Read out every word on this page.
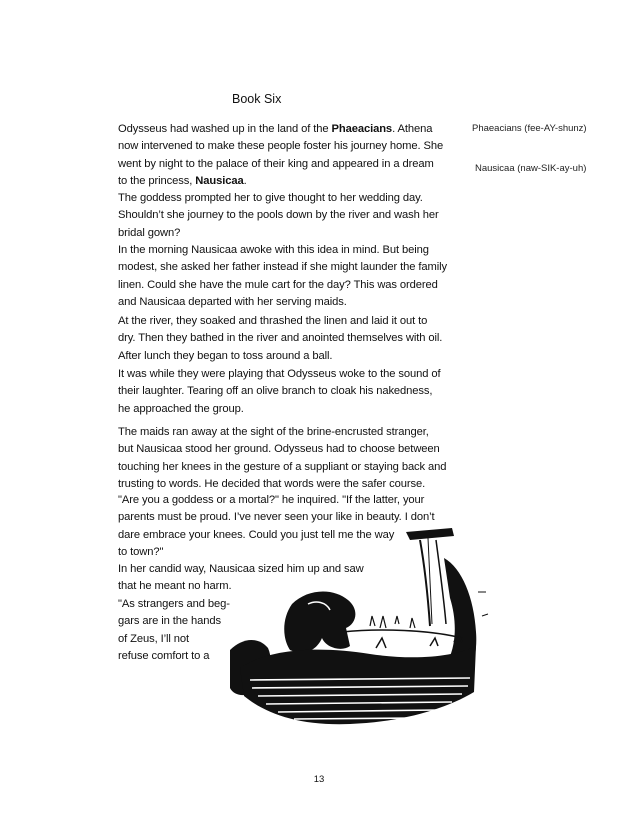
Book Six
Phaeacians (fee-AY-shunz)
Nausicaa (naw-SIK-ay-uh)
Odysseus had washed up in the land of the Phaeacians. Athena
now intervened to make these people foster his journey home. She
went by night to the palace of their king and appeared in a dream
to the princess, Nausicaa.
The goddess prompted her to give thought to her wedding day.
Shouldn’t she journey to the pools down by the river and wash her
bridal gown?
In the morning Nausicaa awoke with this idea in mind. But being
modest, she asked her father instead if she might launder the family
linen. Could she have the mule cart for the day? This was ordered
and Nausicaa departed with her serving maids.
At the river, they soaked and thrashed the linen and laid it out to
dry. Then they bathed in the river and anointed themselves with oil.
After lunch they began to toss around a ball.
It was while they were playing that Odysseus woke to the sound of
their laughter. Tearing off an olive branch to cloak his nakedness,
he approached the group.
The maids ran away at the sight of the brine-encrusted stranger,
but Nausicaa stood her ground. Odysseus had to choose between
touching her knees in the gesture of a suppliant or staying back and
trusting to words. He decided that words were the safer course.
"Are you a goddess or a mortal?" he inquired. "If the latter, your
parents must be proud. I’ve never seen your like in beauty. I don’t
dare embrace your knees. Could you just tell me the way
to town?"
In her candid way, Nausicaa sized him up and saw
that he meant no harm.
"As strangers and beg-
gars are in the hands
of Zeus, I’ll not
refuse comfort to a
13
